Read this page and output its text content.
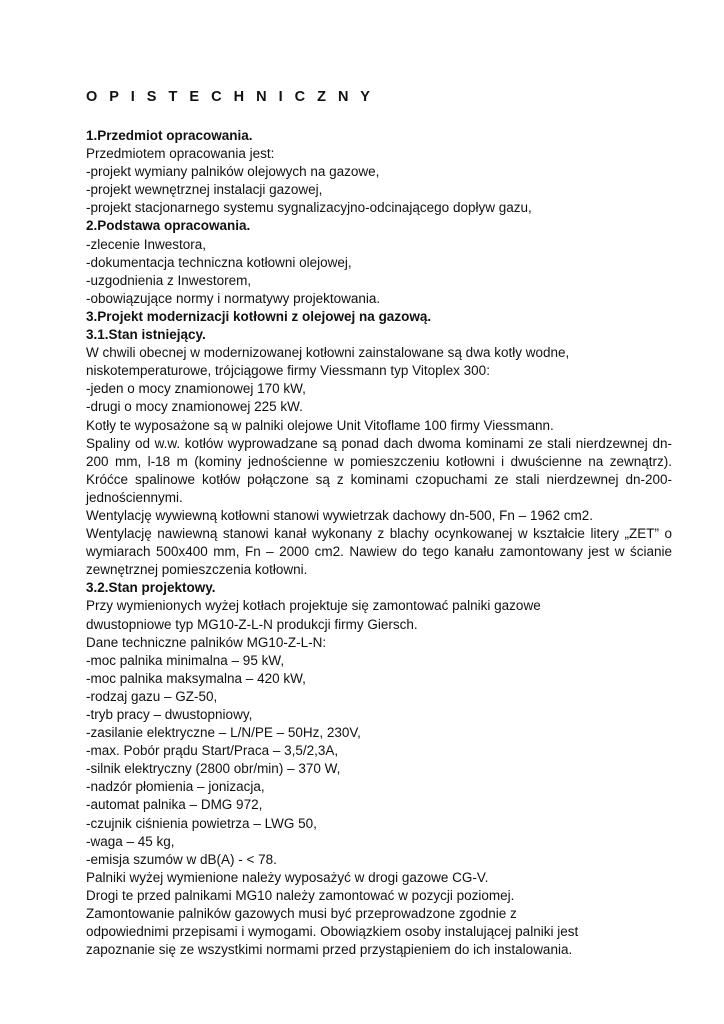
O P I S T E C H N I C Z N Y
1.Przedmiot opracowania.
Przedmiotem opracowania jest:
-projekt wymiany palników olejowych na gazowe,
-projekt wewnętrznej instalacji gazowej,
-projekt stacjonarnego systemu sygnalizacyjno-odcinającego dopływ gazu,
2.Podstawa opracowania.
-zlecenie Inwestora,
-dokumentacja techniczna kotłowni olejowej,
-uzgodnienia z Inwestorem,
-obowiązujące normy i normatywy projektowania.
3.Projekt modernizacji kotłowni z olejowej na gazową.
3.1.Stan istniejący.
W chwili obecnej w modernizowanej kotłowni zainstalowane są dwa kotły wodne,
niskotemperaturowe, trójciągowe firmy Viessmann typ Vitoplex 300:
-jeden o mocy znamionowej 170 kW,
-drugi o mocy znamionowej 225 kW.
Kotły te wyposażone są w palniki olejowe Unit Vitoflame 100 firmy Viessmann.
Spaliny od w.w. kotłów wyprowadzane są ponad dach dwoma kominami ze stali nierdzewnej dn-200 mm, l-18 m (kominy jednościenne w pomieszczeniu kotłowni i dwuścienne na zewnątrz). Króćce spalinowe kotłów połączone są z kominami czopuchami ze stali nierdzewnej dn-200-jednościennymi.
Wentylację wywiewną kotłowni stanowi wywietrzak dachowy dn-500, Fn – 1962 cm2.
Wentylację nawiewną stanowi kanał wykonany z blachy ocynkowanej w kształcie litery „ZET” o wymiarach 500x400 mm, Fn – 2000 cm2. Nawiew do tego kanału zamontowany jest w ścianie zewnętrznej pomieszczenia kotłowni.
3.2.Stan projektowy.
Przy wymienionych wyżej kotłach projektuje się zamontować palniki gazowe
dwustopniowe typ MG10-Z-L-N produkcji firmy Giersch.
Dane techniczne palników MG10-Z-L-N:
-moc palnika minimalna – 95 kW,
-moc palnika maksymalna – 420 kW,
-rodzaj gazu – GZ-50,
-tryb pracy – dwustopniowy,
-zasilanie elektryczne – L/N/PE – 50Hz, 230V,
-max. Pobór prądu Start/Praca – 3,5/2,3A,
-silnik elektryczny (2800 obr/min) – 370 W,
-nadzór płomienia – jonizacja,
-automat palnika – DMG 972,
-czujnik ciśnienia powietrza – LWG 50,
-waga – 45 kg,
-emisja szumów w dB(A) - < 78.
Palniki wyżej wymienione należy wyposażyć w drogi gazowe CG-V.
Drogi te przed palnikami MG10 należy zamontować w pozycji poziomej.
Zamontowanie palników gazowych musi być przeprowadzone zgodnie z
odpowiednimi przepisami i wymogami. Obowiązkiem osoby instalującej palniki jest
zapoznanie się ze wszystkimi normami przed przystąpieniem do ich instalowania.
